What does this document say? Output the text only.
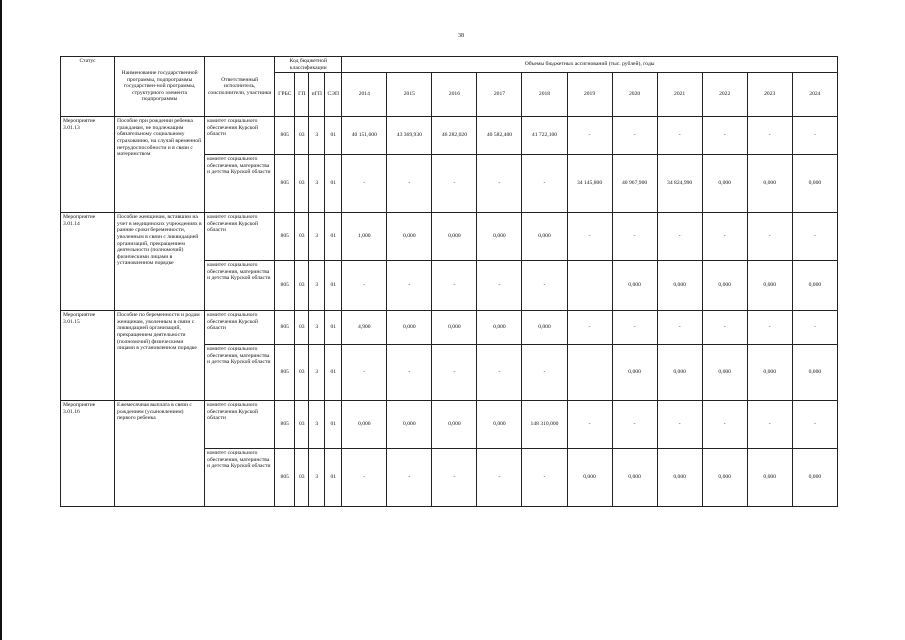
38
Статус	Наименование государственной программы, подпрограммы государствен-ной программы, структурного элемента подпрограммы	Ответственный исполнитель, соисполнители, участники	Код бюджетной классификации				Объемы бюджетных ассигнований (тыс. рублей), годы										
			ГРБС	ГП	пГП	СЭП	2014	2015	2016	2017	2018	2019	2020	2021	2022	2023	2024
Мероприятие 3.01.13	Пособие при рождении ребенка гражданам, не подлежащим обязательному социальному страхованию, на случай временной нетрудоспособности и в связи с материнством	комитет социального обеспечения Курской области	805	03	3	01	40 151,600	43 369,930	46 282,020	40 582,400	41 722,100	-	-	-	-	-	-
		комитет социального обеспечения, материнства и детства Курской области	805	03	3	01	-	-	-	-	-	34 145,800	40 967,900	34 824,990	0,000	0,000	0,000
Мероприятие 3.01.14	Пособие женщинам, вставшим на учет в медицинских учреждениях в ранние сроки беременности, уволенным в связи с ликвидацией организаций, прекращением деятельности (полномочий) физическими лицами в установленном порядке	комитет социального обеспечения Курской области	805	03	3	01	1,000	0,000	0,000	0,000	0,000	-	-	-	-	-	-
		комитет социального обеспечения, материнства и детства Курской области	805	03	3	01	-	-	-	-	-		0,000	0,000	0,000	0,000	0,000
Мероприятие 3.01.15	Пособие по беременности и родам женщинам, уволенным в связи с ликвидацией организаций, прекращением деятельности (полномочий) физическими лицами в установленном порядке	комитет социального обеспечения Курской области	805	03	3	01	4,900	0,000	0,000	0,000	0,000	-	-	-	-	-	-
		комитет социального обеспечения, материнства и детства Курской области	805	03	3	01	-	-	-	-	-		0,000	0,000	0,000	0,000	0,000
Мероприятие 3.01.16	Ежемесячная выплата в связи с рождением (усыновлением) первого ребенка	комитет социального обеспечения Курской области	805	03	3	01	0,000	0,000	0,000	0,000	148 310,000	-	-	-	-	-	-
		комитет социального обеспечения, материнства и детства Курской области	805	03	3	01	-	-	-	-	-	0,000	0,000	0,000	0,000	0,000	0,000
